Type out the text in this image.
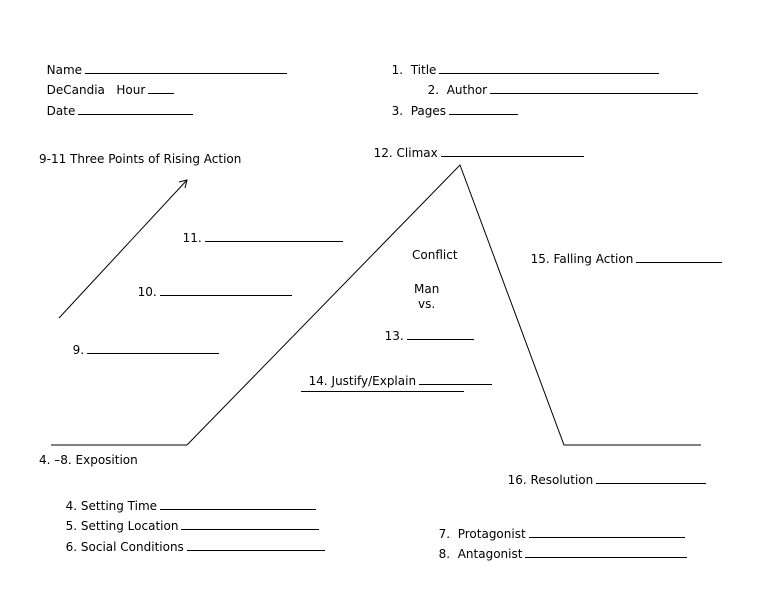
Name

DeCandia Hour

Date

1.  Title

2.  Author

3.  Pages

12. Climax

9-11 Three Points of Rising Action

11.

10.

9.

Conflict
Man
vs.

13.

14. Justify/Explain

15. Falling Action

4. –8. Exposition

4. Setting Time

5. Setting Location

6. Social Conditions

16. Resolution

7.  Protagonist

8.  Antagonist
